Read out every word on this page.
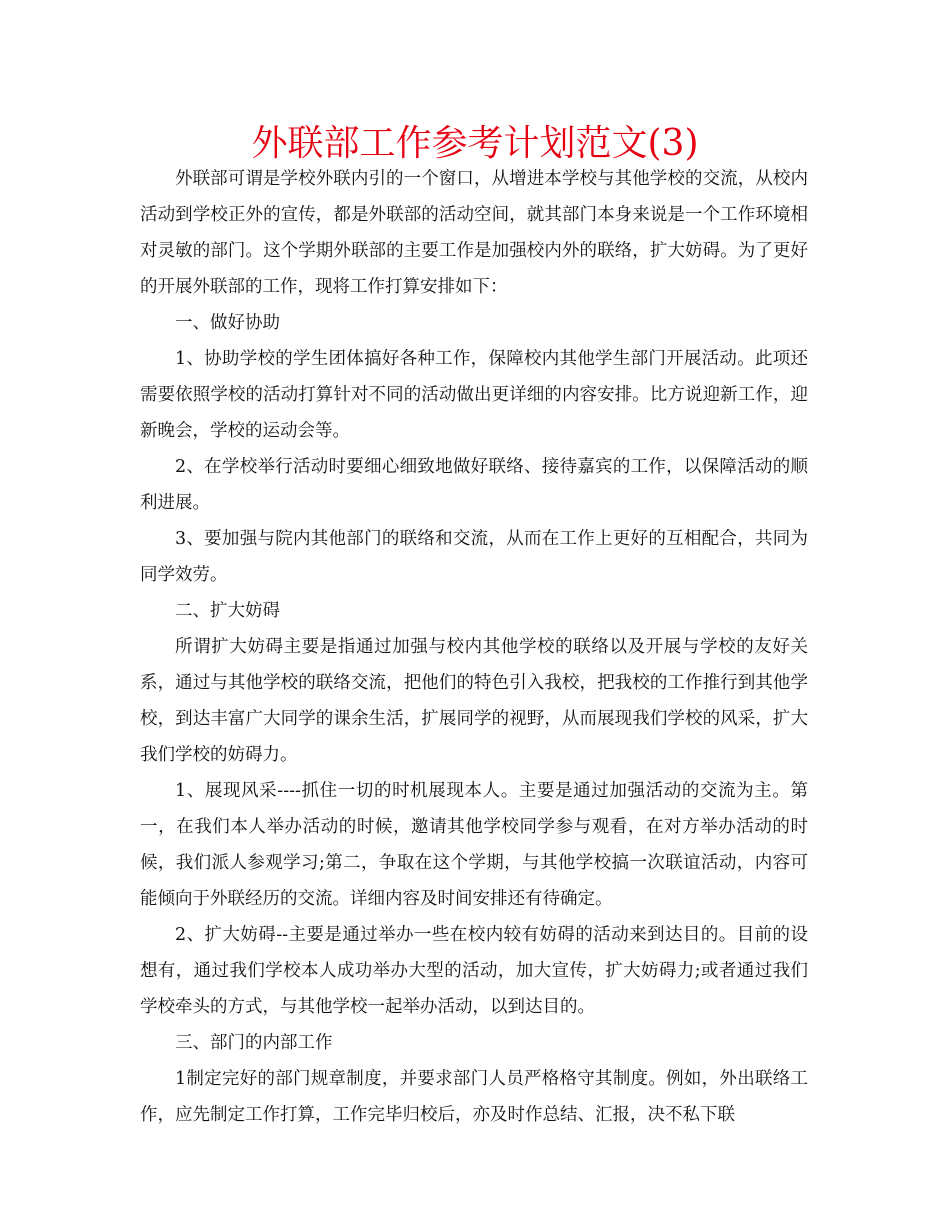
外联部工作参考计划范文(3)

外联部可谓是学校外联内引的一个窗口，从增进本学校与其他学校的交流，从校内活动到学校正外的宣传，都是外联部的活动空间，就其部门本身来说是一个工作环境相对灵敏的部门。这个学期外联部的主要工作是加强校内外的联络，扩大妨碍。为了更好的开展外联部的工作，现将工作打算安排如下：

一、做好协助

1、协助学校的学生团体搞好各种工作，保障校内其他学生部门开展活动。此项还需要依照学校的活动打算针对不同的活动做出更详细的内容安排。比方说迎新工作，迎新晚会，学校的运动会等。

2、在学校举行活动时要细心细致地做好联络、接待嘉宾的工作，以保障活动的顺利进展。

3、要加强与院内其他部门的联络和交流，从而在工作上更好的互相配合，共同为同学效劳。

二、扩大妨碍

所谓扩大妨碍主要是指通过加强与校内其他学校的联络以及开展与学校的友好关系，通过与其他学校的联络交流，把他们的特色引入我校，把我校的工作推行到其他学校，到达丰富广大同学的课余生活，扩展同学的视野，从而展现我们学校的风采，扩大我们学校的妨碍力。

1、展现风采----抓住一切的时机展现本人。主要是通过加强活动的交流为主。第一，在我们本人举办活动的时候，邀请其他学校同学参与观看，在对方举办活动的时候，我们派人参观学习;第二，争取在这个学期，与其他学校搞一次联谊活动，内容可能倾向于外联经历的交流。详细内容及时间安排还有待确定。

2、扩大妨碍--主要是通过举办一些在校内较有妨碍的活动来到达目的。目前的设想有，通过我们学校本人成功举办大型的活动，加大宣传，扩大妨碍力;或者通过我们学校牵头的方式，与其他学校一起举办活动，以到达目的。

三、部门的内部工作

1制定完好的部门规章制度，并要求部门人员严格格守其制度。例如，外出联络工作，应先制定工作打算，工作完毕归校后，亦及时作总结、汇报，决不私下联
